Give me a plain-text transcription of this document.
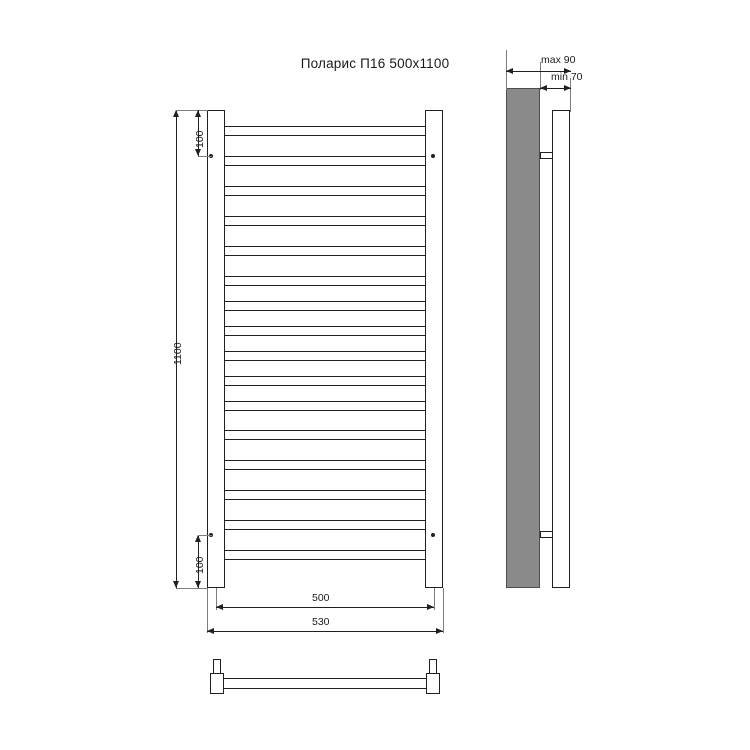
Поларис П16 500x1100
1100
100
100
500
530
max 90
min 70
